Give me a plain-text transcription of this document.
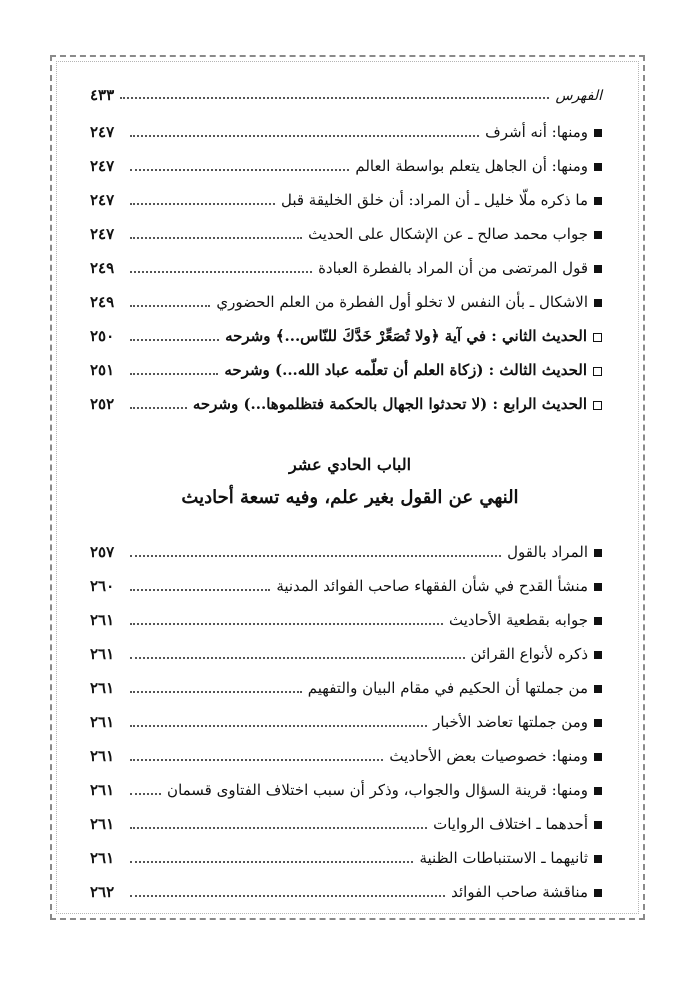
الفهرس
٤٣٣
ومنها: أنه أشرف
٢٤٧
ومنها: أن الجاهل يتعلم بواسطة العالم
٢٤٧
ما ذكره ملّا خليل ـ أن المراد: أن خلق الخليقة قبل
٢٤٧
جواب محمد صالح ـ عن الإشكال على الحديث
٢٤٧
قول المرتضى من أن المراد بالفطرة العبادة
٢٤٩
الاشكال ـ بأن النفس لا تخلو أول الفطرة من العلم الحضوري
٢٤٩
الحديث الثاني : في آية ﴿ولا تُصَعِّرْ خَدَّكَ للنّاس...﴾ وشرحه
٢٥٠
الحديث الثالث : (زكاة العلم أن تعلّمه عباد الله...) وشرحه
٢٥١
الحديث الرابع : (لا تحدثوا الجهال بالحكمة فتظلموها...) وشرحه
٢٥٢
الباب الحادي عشر
النهي عن القول بغير علم، وفيه تسعة أحاديث
المراد بالقول
٢٥٧
منشأ القدح في شأن الفقهاء صاحب الفوائد المدنية
٢٦٠
جوابه بقطعية الأحاديث
٢٦١
ذكره لأنواع القرائن
٢٦١
من جملتها أن الحكيم في مقام البيان والتفهيم
٢٦١
ومن جملتها تعاضد الأخبار
٢٦١
ومنها: خصوصيات بعض الأحاديث
٢٦١
ومنها: قرينة السؤال والجواب، وذكر أن سبب اختلاف الفتاوى قسمان
٢٦١
أحدهما ـ اختلاف الروايات
٢٦١
ثانيهما ـ الاستنباطات الظنية
٢٦١
مناقشة صاحب الفوائد
٢٦٢
